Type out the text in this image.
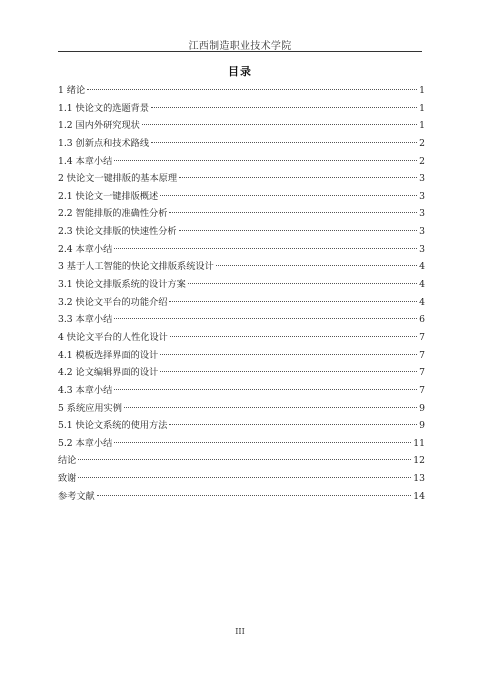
江西制造职业技术学院
目录
1 绪论	1
1.1 快论文的选题背景	1
1.2 国内外研究现状	1
1.3 创新点和技术路线	2
1.4 本章小结	2
2 快论文一键排版的基本原理	3
2.1 快论文一键排版概述	3
2.2 智能排版的准确性分析	3
2.3 快论文排版的快速性分析	3
2.4 本章小结	3
3 基于人工智能的快论文排版系统设计	4
3.1 快论文排版系统的设计方案	4
3.2 快论文平台的功能介绍	4
3.3 本章小结	6
4 快论文平台的人性化设计	7
4.1 模板选择界面的设计	7
4.2 论文编辑界面的设计	7
4.3 本章小结	7
5 系统应用实例	9
5.1 快论文系统的使用方法	9
5.2 本章小结	11
结论	12
致谢	13
参考文献	14
III
